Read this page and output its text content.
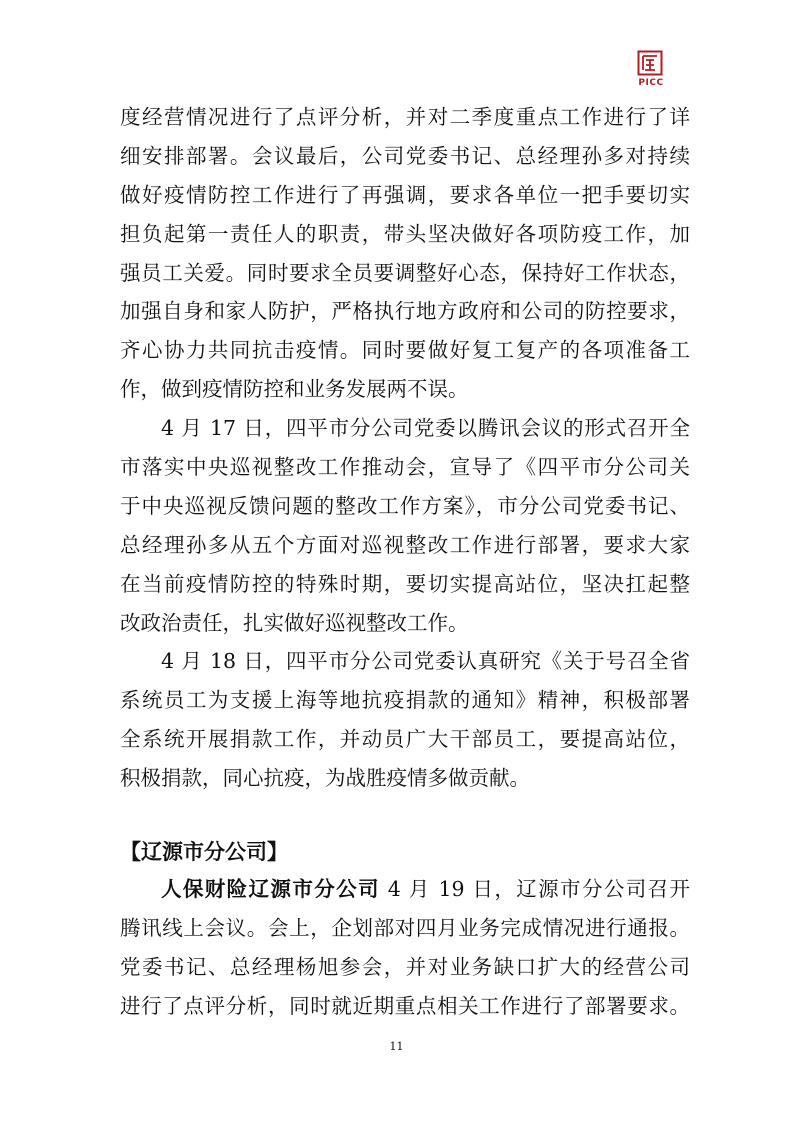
PICC
度经营情况进行了点评分析，并对二季度重点工作进行了详
细安排部署。会议最后，公司党委书记、总经理孙多对持续
做好疫情防控工作进行了再强调，要求各单位一把手要切实
担负起第一责任人的职责，带头坚决做好各项防疫工作，加
强员工关爱。同时要求全员要调整好心态，保持好工作状态，
加强自身和家人防护，严格执行地方政府和公司的防控要求，
齐心协力共同抗击疫情。同时要做好复工复产的各项准备工
作，做到疫情防控和业务发展两不误。
4 月 17 日，四平市分公司党委以腾讯会议的形式召开全
市落实中央巡视整改工作推动会，宣导了《四平市分公司关
于中央巡视反馈问题的整改工作方案》，市分公司党委书记、
总经理孙多从五个方面对巡视整改工作进行部署，要求大家
在当前疫情防控的特殊时期，要切实提高站位，坚决扛起整
改政治责任，扎实做好巡视整改工作。
4 月 18 日，四平市分公司党委认真研究《关于号召全省
系统员工为支援上海等地抗疫捐款的通知》精神，积极部署
全系统开展捐款工作，并动员广大干部员工，要提高站位，
积极捐款，同心抗疫，为战胜疫情多做贡献。
【辽源市分公司】
人保财险辽源市分公司 4 月 19 日，辽源市分公司召开
腾讯线上会议。会上，企划部对四月业务完成情况进行通报。
党委书记、总经理杨旭参会，并对业务缺口扩大的经营公司
进行了点评分析，同时就近期重点相关工作进行了部署要求。
11
